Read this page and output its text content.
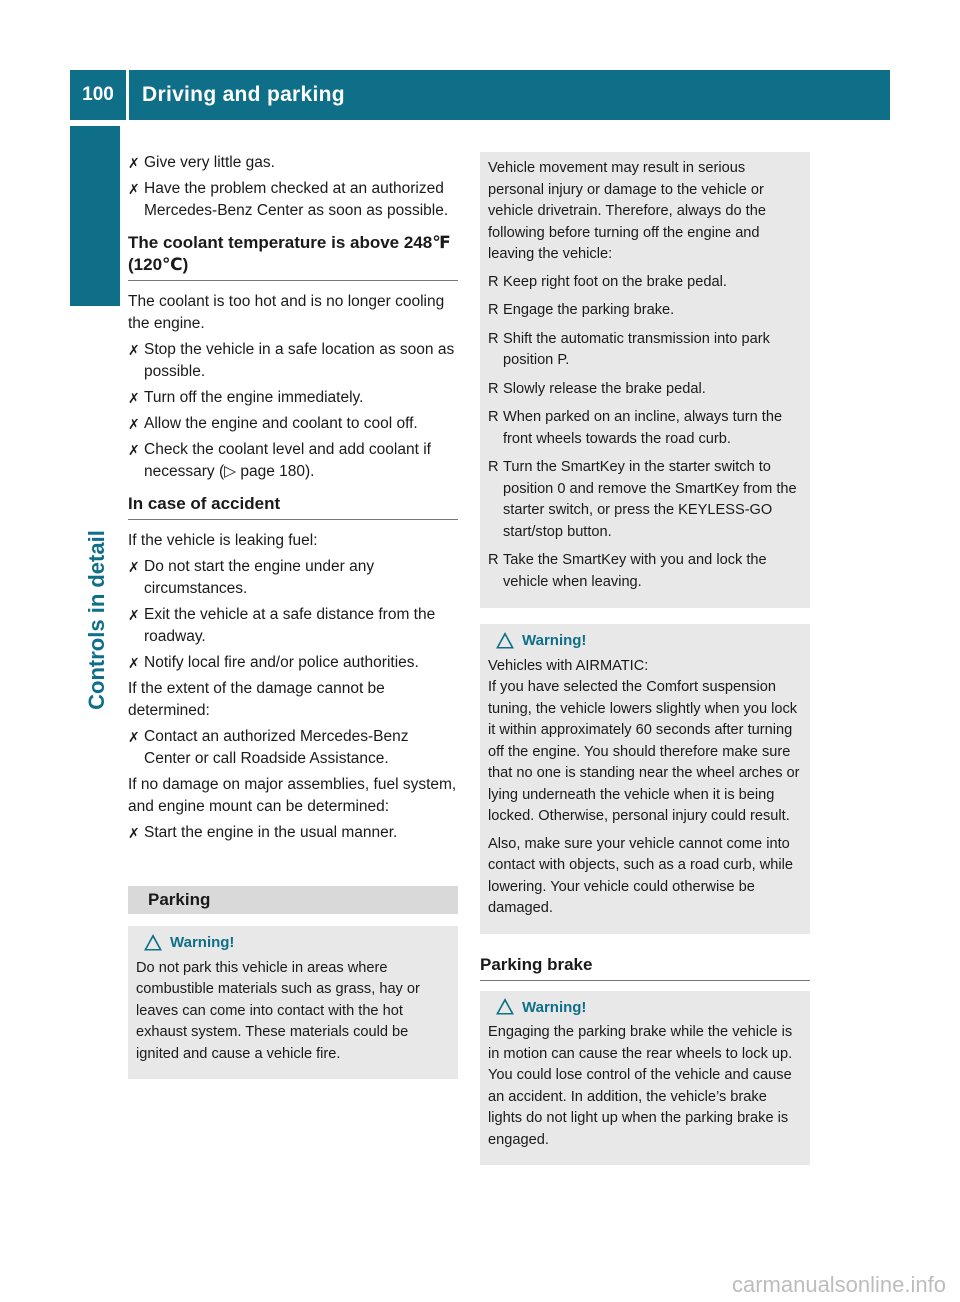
100	Driving and parking
Controls in detail
✗ Give very little gas.
✗ Have the problem checked at an authorized Mercedes-Benz Center as soon as possible.
The coolant temperature is above 248℉ (120℃)

The coolant is too hot and is no longer cooling the engine.

✗ Stop the vehicle in a safe location as soon as possible.
✗ Turn off the engine immediately.
✗ Allow the engine and coolant to cool off.
✗ Check the coolant level and add coolant if necessary (▷ page 180).
In case of accident

If the vehicle is leaking fuel:

✗ Do not start the engine under any circumstances.
✗ Exit the vehicle at a safe distance from the roadway.
✗ Notify local fire and/or police authorities.

If the extent of the damage cannot be determined:

✗ Contact an authorized Mercedes-Benz Center or call Roadside Assistance.

If no damage on major assemblies, fuel system, and engine mount can be determined:

✗ Start the engine in the usual manner.
Parking
Warning!

Do not park this vehicle in areas where combustible materials such as grass, hay or leaves can come into contact with the hot exhaust system. These materials could be ignited and cause a vehicle fire.

Vehicle movement may result in serious personal injury or damage to the vehicle or vehicle drivetrain. Therefore, always do the following before turning off the engine and leaving the vehicle:

R Keep right foot on the brake pedal.
R Engage the parking brake.
R Shift the automatic transmission into park position P.
R Slowly release the brake pedal.
R When parked on an incline, always turn the front wheels towards the road curb.
R Turn the SmartKey in the starter switch to position 0 and remove the SmartKey from the starter switch, or press the KEYLESS-GO start/stop button.
R Take the SmartKey with you and lock the vehicle when leaving.
Warning!

Vehicles with AIRMATIC:

If you have selected the Comfort suspension tuning, the vehicle lowers slightly when you lock it within approximately 60 seconds after turning off the engine. You should therefore make sure that no one is standing near the wheel arches or lying underneath the vehicle when it is being locked. Otherwise, personal injury could result.

Also, make sure your vehicle cannot come into contact with objects, such as a road curb, while lowering. Your vehicle could otherwise be damaged.

Parking brake
Warning!

Engaging the parking brake while the vehicle is in motion can cause the rear wheels to lock up. You could lose control of the vehicle and cause an accident. In addition, the vehicle’s brake lights do not light up when the parking brake is engaged.

carmanualsonline.info
